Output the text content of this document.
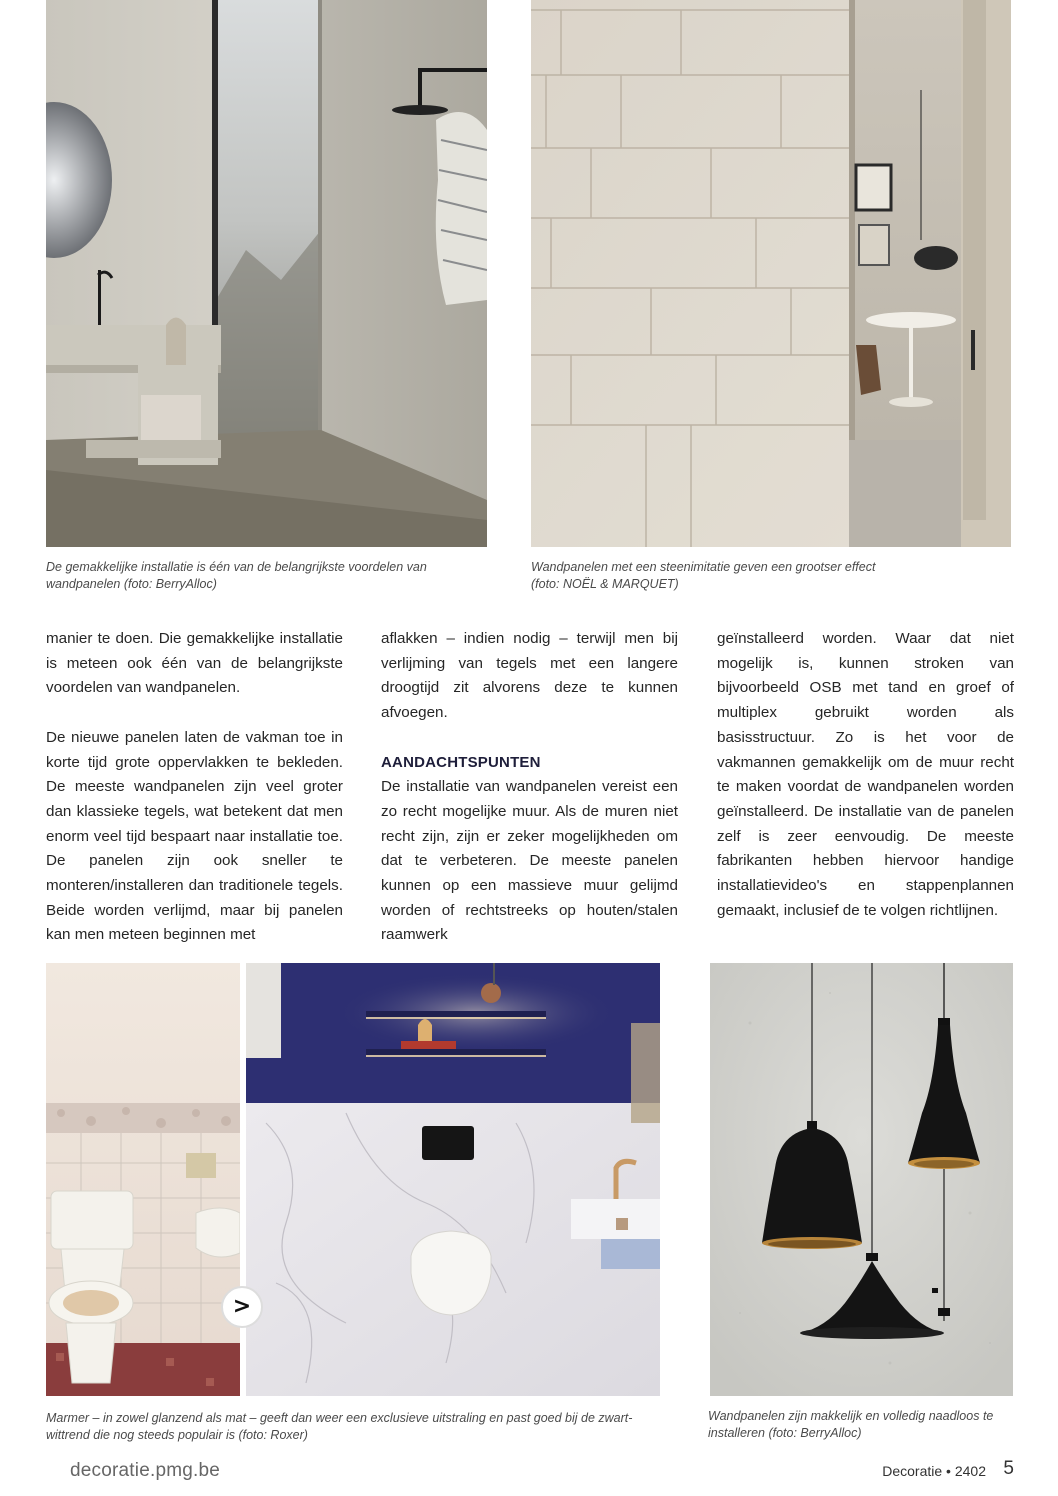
De gemakkelijke installatie is één van de belangrijkste voordelen van
wandpanelen (foto: BerryAlloc)
Wandpanelen met een steenimitatie geven een grootser effect
(foto: NOËL & MARQUET)

manier te doen. Die gemakkelijke installatie is meteen ook één van de belangrijkste voordelen van wandpanelen.

De nieuwe panelen laten de vakman toe in korte tijd grote oppervlakken te bekleden. De meeste wandpanelen zijn veel groter dan klassieke tegels, wat betekent dat men enorm veel tijd bespaart naar installatie toe. De panelen zijn ook sneller te monteren/installeren dan traditionele tegels. Beide worden verlijmd, maar bij panelen kan men meteen beginnen met

aflakken – indien nodig – terwijl men bij verlijming van tegels met een langere droogtijd zit alvorens deze te kunnen afvoegen.

AANDACHTSPUNTEN

De installatie van wandpanelen vereist een zo recht mogelijke muur. Als de muren niet recht zijn, zijn er zeker mogelijkheden om dat te verbeteren. De meeste panelen kunnen op een massieve muur gelijmd worden of rechtstreeks op houten/stalen raamwerk

geïnstalleerd worden. Waar dat niet mogelijk is, kunnen stroken van bijvoorbeeld OSB met tand en groef of multiplex gebruikt worden als basisstructuur. Zo is het voor de vakmannen gemakkelijk om de muur recht te maken voordat de wandpanelen worden geïnstalleerd. De installatie van de panelen zelf is zeer eenvoudig. De meeste fabrikanten hebben hiervoor handige installatievideo's en stappenplannen gemaakt, inclusief de te volgen richtlijnen.

>
Marmer – in zowel glanzend als mat – geeft dan weer een exclusieve uitstraling en past goed bij de zwart-
wittrend die nog steeds populair is (foto: Roxer)
Wandpanelen zijn makkelijk en volledig naadloos te
installeren (foto: BerryAlloc)
decoratie.pmg.be	Decoratie • 2402 5
